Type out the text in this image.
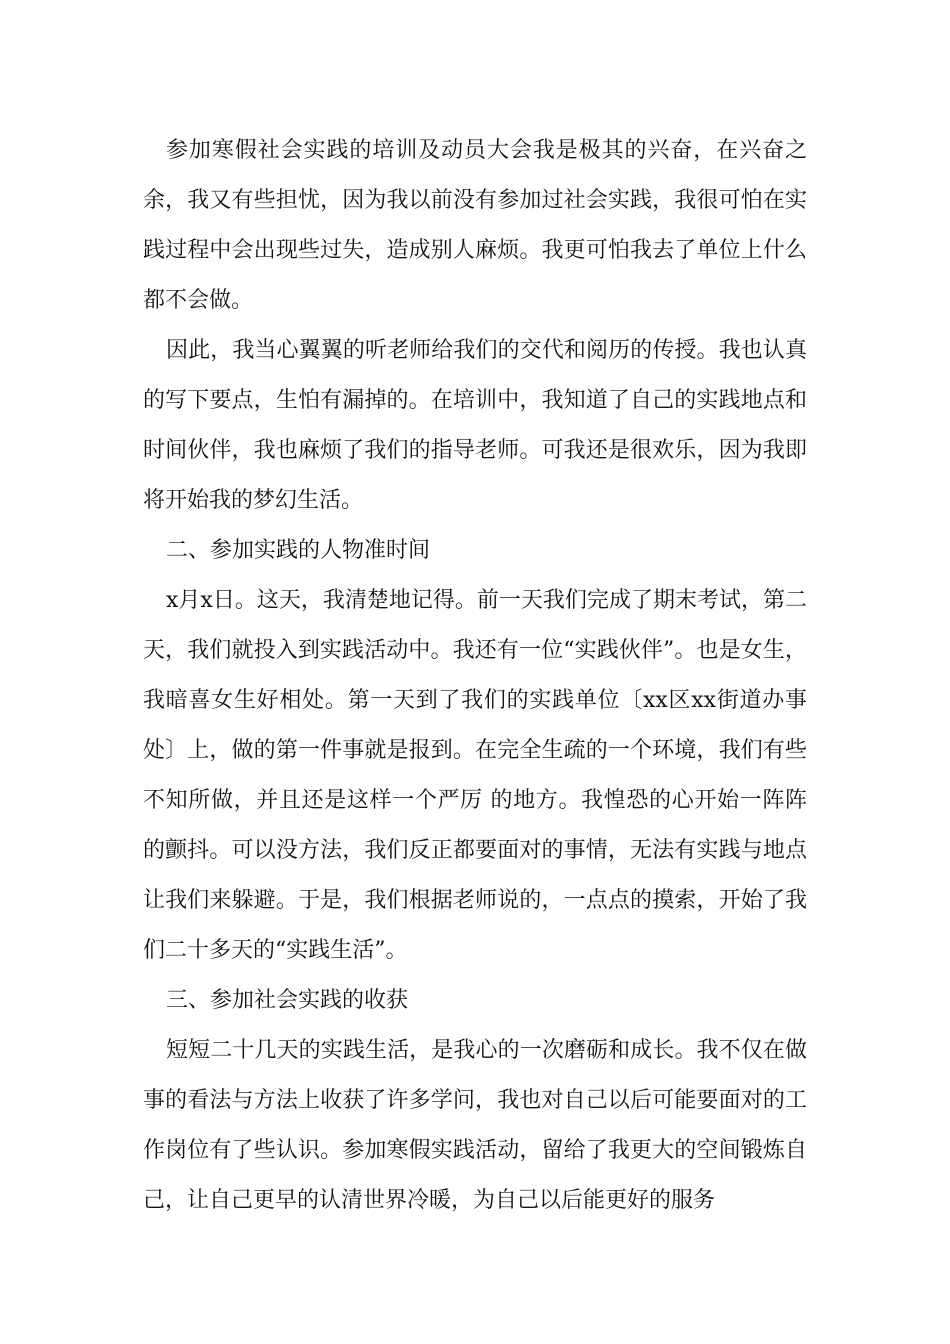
参加寒假社会实践的培训及动员大会我是极其的兴奋，在兴奋之余，我又有些担忧，因为我以前没有参加过社会实践，我很可怕在实践过程中会出现些过失，造成别人麻烦。我更可怕我去了单位上什么都不会做。

因此，我当心翼翼的听老师给我们的交代和阅历的传授。我也认真的写下要点，生怕有漏掉的。在培训中，我知道了自己的实践地点和时间伙伴，我也麻烦了我们的指导老师。可我还是很欢乐，因为我即将开始我的梦幻生活。

二、参加实践的人物准时间

x月x日。这天，我清楚地记得。前一天我们完成了期末考试，第二天，我们就投入到实践活动中。我还有一位“实践伙伴”。也是女生，我暗喜女生好相处。第一天到了我们的实践单位〔xx区xx街道办事处〕上，做的第一件事就是报到。在完全生疏的一个环境，我们有些不知所做，并且还是这样一个严厉 的地方。我惶恐的心开始一阵阵的颤抖。可以没方法，我们反正都要面对的事情，无法有实践与地点让我们来躲避。于是，我们根据老师说的，一点点的摸索，开始了我们二十多天的“实践生活”。

三、参加社会实践的收获

短短二十几天的实践生活，是我心的一次磨砺和成长。我不仅在做事的看法与方法上收获了许多学问，我也对自己以后可能要面对的工作岗位有了些认识。参加寒假实践活动，留给了我更大的空间锻炼自己，让自己更早的认清世界冷暖，为自己以后能更好的服务
